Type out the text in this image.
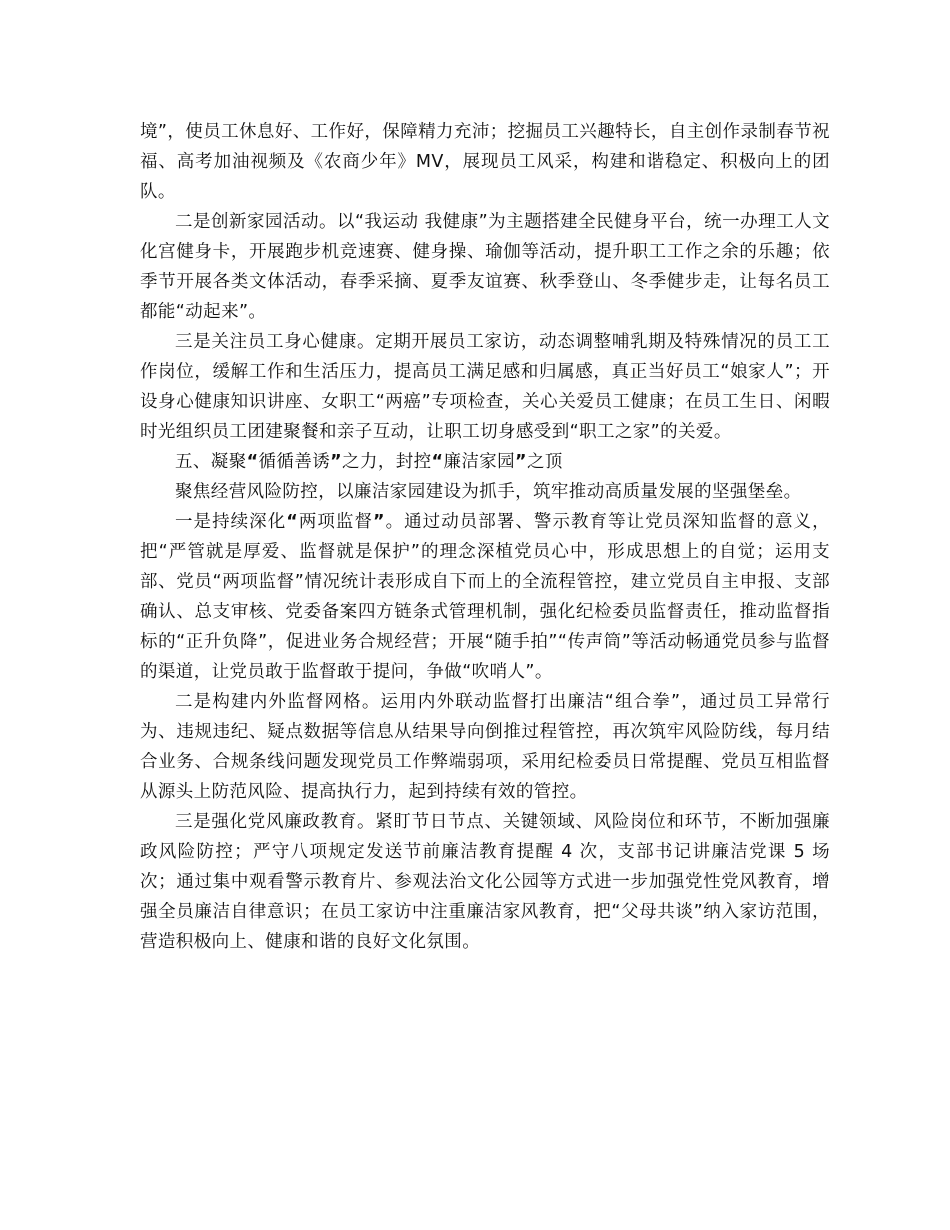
境”，使员工休息好、工作好，保障精力充沛；挖掘员工兴趣特长，自主创作录制春节祝福、高考加油视频及《农商少年》MV，展现员工风采，构建和谐稳定、积极向上的团队。

二是创新家园活动。以“我运动 我健康”为主题搭建全民健身平台，统一办理工人文化宫健身卡，开展跑步机竞速赛、健身操、瑜伽等活动，提升职工工作之余的乐趣；依季节开展各类文体活动，春季采摘、夏季友谊赛、秋季登山、冬季健步走，让每名员工都能“动起来”。

三是关注员工身心健康。定期开展员工家访，动态调整哺乳期及特殊情况的员工工作岗位，缓解工作和生活压力，提高员工满足感和归属感，真正当好员工“娘家人”；开设身心健康知识讲座、女职工“两癌”专项检查，关心关爱员工健康；在员工生日、闲暇时光组织员工团建聚餐和亲子互动，让职工切身感受到“职工之家”的关爱。

五、凝聚“循循善诱”之力，封控“廉洁家园”之顶

聚焦经营风险防控，以廉洁家园建设为抓手，筑牢推动高质量发展的坚强堡垒。

一是持续深化“两项监督”。通过动员部署、警示教育等让党员深知监督的意义，把“严管就是厚爱、监督就是保护”的理念深植党员心中，形成思想上的自觉；运用支部、党员“两项监督”情况统计表形成自下而上的全流程管控，建立党员自主申报、支部确认、总支审核、党委备案四方链条式管理机制，强化纪检委员监督责任，推动监督指标的“正升负降”，促进业务合规经营；开展“随手拍”“传声筒”等活动畅通党员参与监督的渠道，让党员敢于监督敢于提问，争做“吹哨人”。

二是构建内外监督网格。运用内外联动监督打出廉洁“组合拳”，通过员工异常行为、违规违纪、疑点数据等信息从结果导向倒推过程管控，再次筑牢风险防线，每月结合业务、合规条线问题发现党员工作弊端弱项，采用纪检委员日常提醒、党员互相监督从源头上防范风险、提高执行力，起到持续有效的管控。

三是强化党风廉政教育。紧盯节日节点、关键领域、风险岗位和环节，不断加强廉政风险防控；严守八项规定发送节前廉洁教育提醒 4 次，支部书记讲廉洁党课 5 场次；通过集中观看警示教育片、参观法治文化公园等方式进一步加强党性党风教育，增强全员廉洁自律意识；在员工家访中注重廉洁家风教育，把“父母共谈”纳入家访范围，营造积极向上、健康和谐的良好文化氛围。
